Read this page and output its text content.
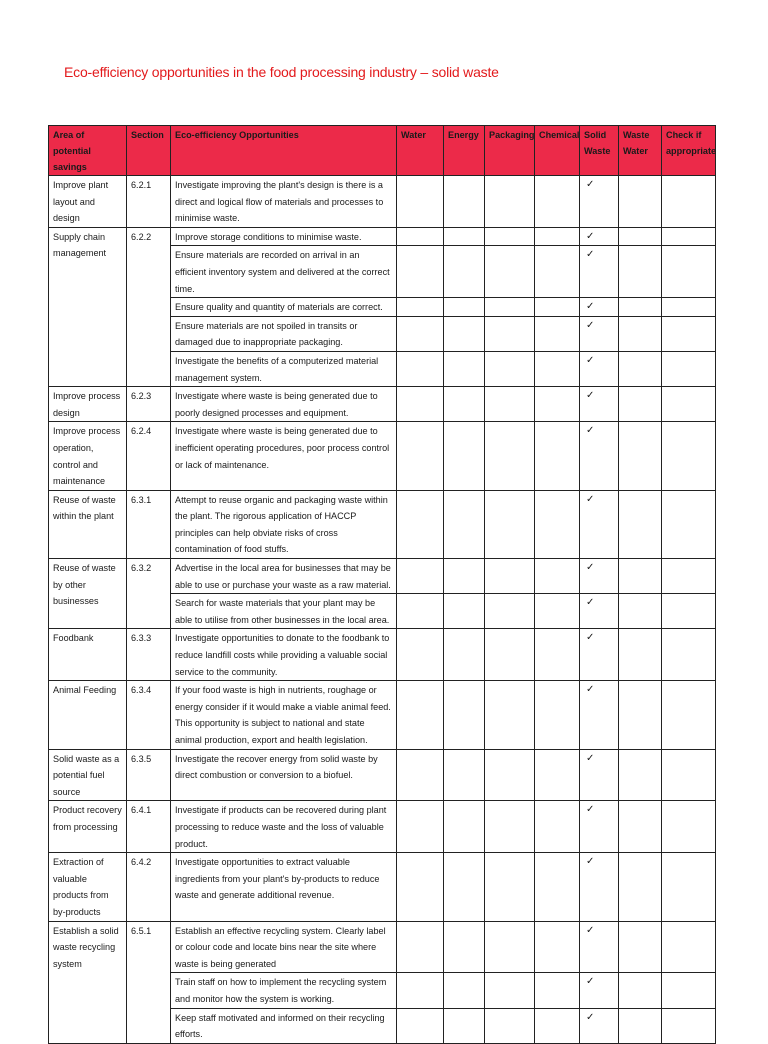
Eco-efficiency opportunities in the food processing industry – solid waste
Area of potential savings	Section	Eco-efficiency Opportunities	Water	Energy	Packaging	Chemical	Solid Waste	Waste Water	Check if appropriate
Improve plant layout and design	6.2.1	Investigate improving the plant's design is there is a direct and logical flow of materials and processes to minimise waste.					✓		
Supply chain management	6.2.2	Improve storage conditions to minimise waste.					✓		
		Ensure materials are recorded on arrival in an efficient inventory system and delivered at the correct time.					✓		
		Ensure quality and quantity of materials are correct.					✓		
		Ensure materials are not spoiled in transits or damaged due to inappropriate packaging.					✓		
		Investigate the benefits of a computerized material management system.					✓		
Improve process design	6.2.3	Investigate where waste is being generated due to poorly designed processes and equipment.					✓		
Improve process operation, control and maintenance	6.2.4	Investigate where waste is being generated due to inefficient operating procedures, poor process control or lack of maintenance.					✓		
Reuse of waste within the plant	6.3.1	Attempt to reuse organic and packaging waste within the plant. The rigorous application of HACCP principles can help obviate risks of cross contamination of food stuffs.					✓		
Reuse of waste by other businesses	6.3.2	Advertise in the local area for businesses that may be able to use or purchase your waste as a raw material.					✓		
		Search for waste materials that your plant may be able to utilise from other businesses in the local area.					✓		
Foodbank	6.3.3	Investigate opportunities to donate to the foodbank to reduce landfill costs while providing a valuable social service to the community.					✓		
Animal Feeding	6.3.4	If your food waste is high in nutrients, roughage or energy consider if it would make a viable animal feed. This opportunity is subject to national and state animal production, export and health legislation.					✓		
Solid waste as a potential fuel source	6.3.5	Investigate the recover energy from solid waste by direct combustion or conversion to a biofuel.					✓		
Product recovery from processing	6.4.1	Investigate if products can be recovered during plant processing to reduce waste and the loss of valuable product.					✓		
Extraction of valuable products from by-products	6.4.2	Investigate opportunities to extract valuable ingredients from your plant's by-products to reduce waste and generate additional revenue.					✓		
Establish a solid waste recycling system	6.5.1	Establish an effective recycling system. Clearly label or colour code and locate bins near the site where waste is being generated					✓		
		Train staff on how to implement the recycling system and monitor how the system is working.					✓		
		Keep staff motivated and informed on their recycling efforts.					✓		
